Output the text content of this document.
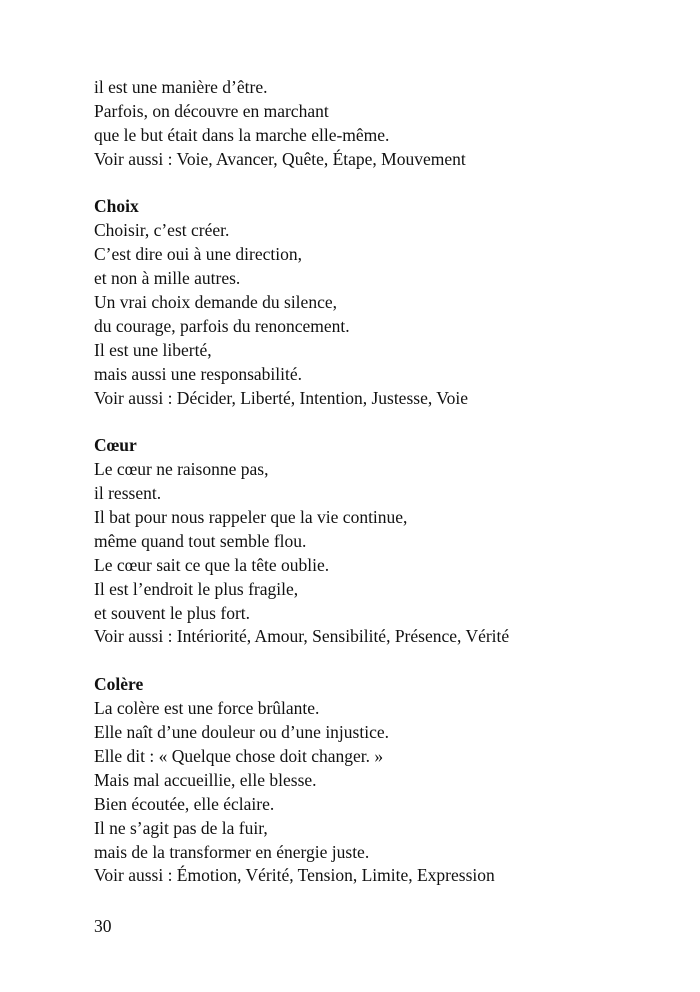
il est une manière d’être.
Parfois, on découvre en marchant
que le but était dans la marche elle-même.
Voir aussi : Voie, Avancer, Quête, Étape, Mouvement
Choix
Choisir, c’est créer.
C’est dire oui à une direction,
et non à mille autres.
Un vrai choix demande du silence,
du courage, parfois du renoncement.
Il est une liberté,
mais aussi une responsabilité.
Voir aussi : Décider, Liberté, Intention, Justesse, Voie
Cœur
Le cœur ne raisonne pas,
il ressent.
Il bat pour nous rappeler que la vie continue,
même quand tout semble flou.
Le cœur sait ce que la tête oublie.
Il est l’endroit le plus fragile,
et souvent le plus fort.
Voir aussi : Intériorité, Amour, Sensibilité, Présence, Vérité
Colère
La colère est une force brûlante.
Elle naît d’une douleur ou d’une injustice.
Elle dit : « Quelque chose doit changer. »
Mais mal accueillie, elle blesse.
Bien écoutée, elle éclaire.
Il ne s’agit pas de la fuir,
mais de la transformer en énergie juste.
Voir aussi : Émotion, Vérité, Tension, Limite, Expression
30
